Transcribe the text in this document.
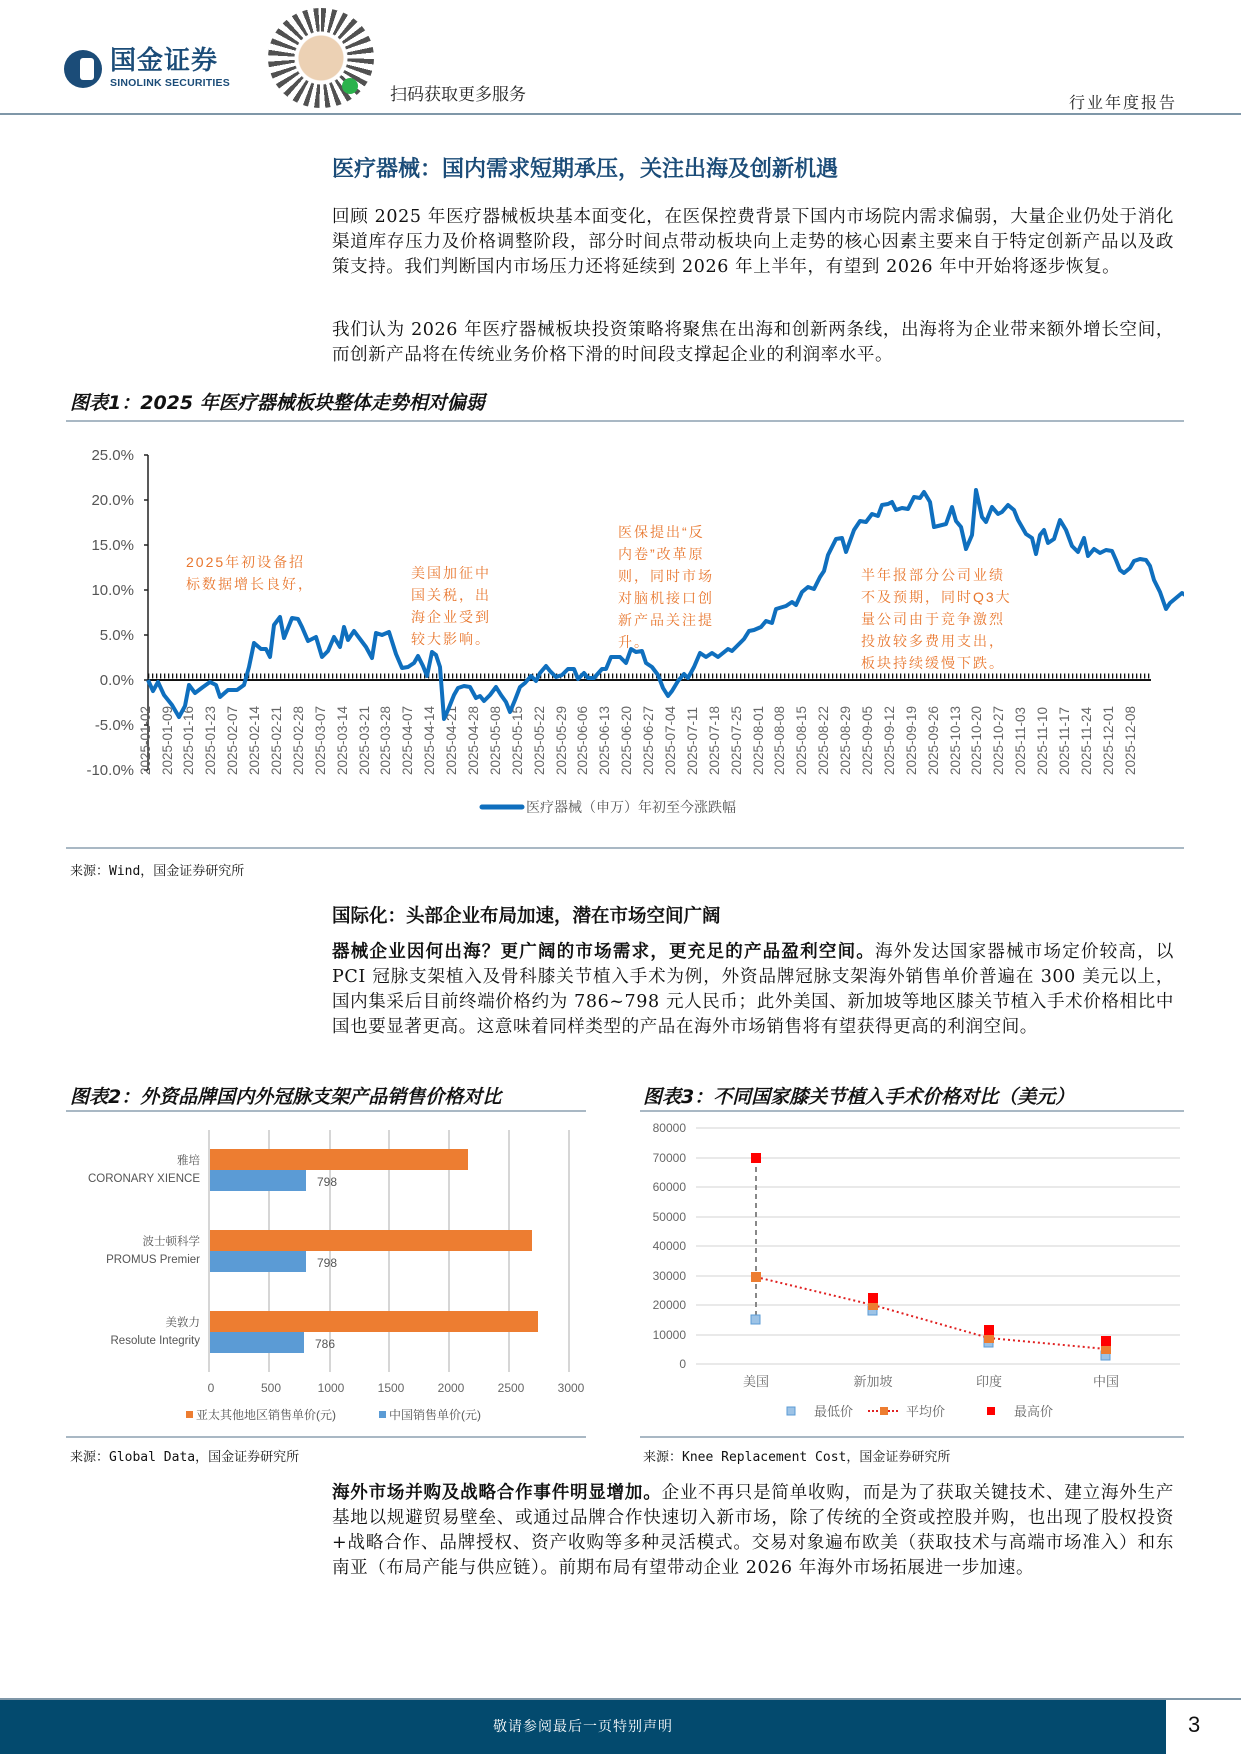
国金证券
SINOLINK SECURITIES
扫码获取更多服务	行业年度报告
医疗器械：国内需求短期承压，关注出海及创新机遇
回顾 2025 年医疗器械板块基本面变化，在医保控费背景下国内市场院内需求偏弱，大量企业仍处于消化渠道库存压力及价格调整阶段，部分时间点带动板块向上走势的核心因素主要来自于特定创新产品以及政策支持。我们判断国内市场压力还将延续到 2026 年上半年，有望到 2026 年中开始将逐步恢复。
我们认为 2026 年医疗器械板块投资策略将聚焦在出海和创新两条线，出海将为企业带来额外增长空间，而创新产品将在传统业务价格下滑的时间段支撑起企业的利润率水平。
图表1：2025 年医疗器械板块整体走势相对偏弱
25.0%
20.0%
15.0%
10.0%
5.0%
0.0%
-5.0%
-10.0% 2025-01-02 2025-01-09 2025-01-16 2025-01-23 2025-02-07 2025-02-14 2025-02-21 2025-02-28 2025-03-07 2025-03-14 2025-03-21 2025-03-28 2025-04-07 2025-04-14 2025-04-21 2025-04-28 2025-05-08 2025-05-15 2025-05-22 2025-05-29 2025-06-06 2025-06-13 2025-06-20 2025-06-27 2025-07-04 2025-07-11 2025-07-18 2025-07-25 2025-08-01 2025-08-08 2025-08-15 2025-08-22 2025-08-29 2025-09-05 2025-09-12 2025-09-19 2025-09-26 2025-10-13 2025-10-20 2025-10-27 2025-11-03 2025-11-10 2025-11-17 2025-11-24 2025-12-01 2025-12-08
2025年初设备招
标数据增长良好，
美国加征中
国关税，出
海企业受到
较大影响。
医保提出“反
内卷”改革原
则，同时市场
对脑机接口创
新产品关注提
升。
半年报部分公司业绩
不及预期，同时Q3大
量公司由于竞争激烈
投放较多费用支出，
板块持续缓慢下跌。
医疗器械（申万）年初至今涨跌幅
来源：Wind，国金证券研究所
国际化：头部企业布局加速，潜在市场空间广阔
器械企业因何出海？更广阔的市场需求，更充足的产品盈利空间。海外发达国家器械市场定价较高，以 PCI 冠脉支架植入及骨科膝关节植入手术为例，外资品牌冠脉支架海外销售单价普遍在 300 美元以上，国内集采后目前终端价格约为 786~798 元人民币；此外美国、新加坡等地区膝关节植入手术价格相比中国也要显著更高。这意味着同样类型的产品在海外市场销售将有望获得更高的利润空间。
图表2：外资品牌国内外冠脉支架产品销售价格对比
798
798
786
雅培
CORONARY XIENCE
波士顿科学
PROMUS Premier
美敦力
Resolute Integrity
0	500	1000	1500	2000	2500	3000
亚太其他地区销售单价(元)	中国销售单价(元)
来源：Global Data，国金证券研究所
图表3：不同国家膝关节植入手术价格对比（美元）
80000
70000
60000
50000
40000
30000
20000
10000
0
美国	新加坡	印度	中国
最低价	平均价	最高价
来源：Knee Replacement Cost，国金证券研究所
海外市场并购及战略合作事件明显增加。企业不再只是简单收购，而是为了获取关键技术、建立海外生产基地以规避贸易壁垒、或通过品牌合作快速切入新市场，除了传统的全资或控股并购，也出现了股权投资+战略合作、品牌授权、资产收购等多种灵活模式。交易对象遍布欧美（获取技术与高端市场准入）和东南亚（布局产能与供应链）。前期布局有望带动企业 2026 年海外市场拓展进一步加速。
敬请参阅最后一页特别声明	3
